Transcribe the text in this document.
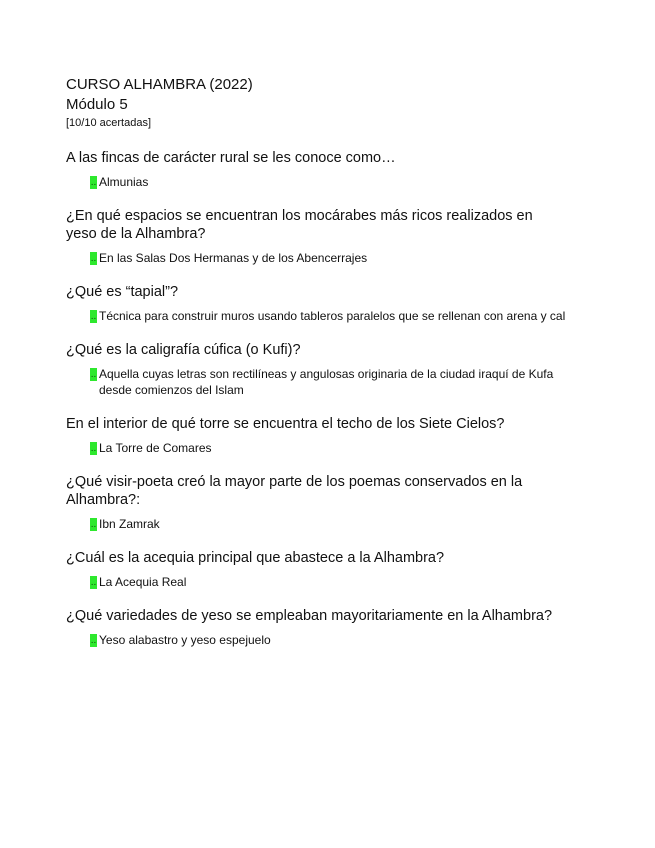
CURSO ALHAMBRA (2022)
Módulo 5
[10/10 acertadas]
A las fincas de carácter rural se les conoce como…
.. Almunias
¿En qué espacios se encuentran los mocárabes más ricos realizados en yeso de la Alhambra?
.. En las Salas Dos Hermanas y de los Abencerrajes
¿Qué es “tapial”?
.. Técnica para construir muros usando tableros paralelos que se rellenan con arena y cal
¿Qué es la caligrafía cúfica (o Kufi)?
.. Aquella cuyas letras son rectilíneas y angulosas originaria de la ciudad iraquí de Kufa desde comienzos del Islam
En el interior de qué torre se encuentra el techo de los Siete Cielos?
.. La Torre de Comares
¿Qué visir-poeta creó la mayor parte de los poemas conservados en la Alhambra?:
.. Ibn Zamrak
¿Cuál es la acequia principal que abastece a la Alhambra?
.. La Acequia Real
¿Qué variedades de yeso se empleaban mayoritariamente en la Alhambra?
.. Yeso alabastro y yeso espejuelo
